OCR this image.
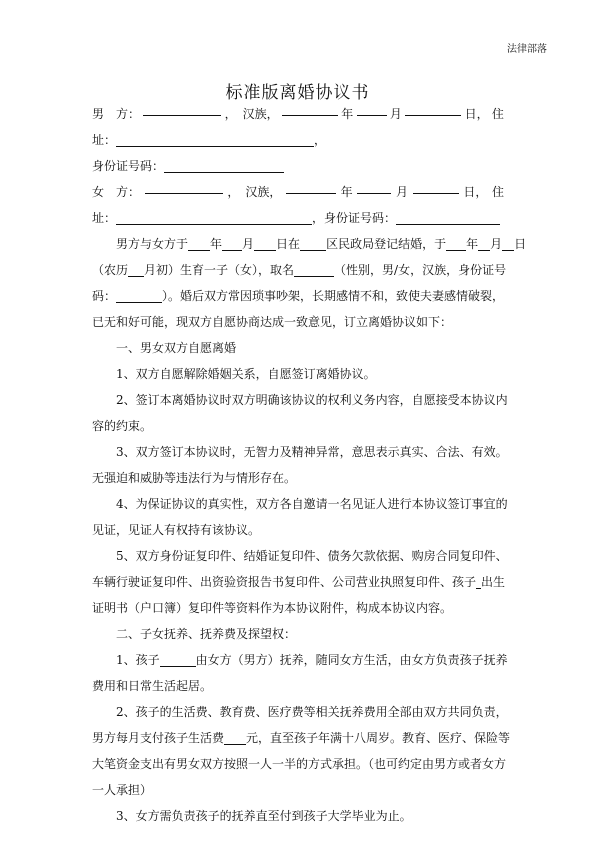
法律部落
标准版离婚协议书
男　方：	，　汉族，	年	月	日， 住
址：	，
身份证号码：
女　方：	，　汉族，	年	月	日， 住
址：	，身份证号码：
男方与女方于 年 月 日在 区民政局登记结婚，于 年 月 日
（农历 月初）生育一子（女），取名	（性别，男/女，汉族，身份证号
码：	）。婚后双方常因琐事吵架，长期感情不和，致使夫妻感情破裂，
已无和好可能，现双方自愿协商达成一致意见，订立离婚协议如下：
一、男女双方自愿离婚
1、双方自愿解除婚姻关系，自愿签订离婚协议。
2、签订本离婚协议时双方明确该协议的权利义务内容，自愿接受本协议内
容的约束。
3、双方签订本协议时，无智力及精神异常，意思表示真实、合法、有效。
无强迫和威胁等违法行为与情形存在。
4、为保证协议的真实性，双方各自邀请一名见证人进行本协议签订事宜的
见证，见证人有权持有该协议。
5、双方身份证复印件、结婚证复印件、债务欠款依据、购房合同复印件、
车辆行驶证复印件、出资验资报告书复印件、公司营业执照复印件、孩子 出生
证明书（户口簿）复印件等资料作为本协议附件，构成本协议内容。
二、子女抚养、抚养费及探望权：
1、孩子	由女方（男方）抚养，随同女方生活，由女方负责孩子抚养
费用和日常生活起居。
2、孩子的生活费、教育费、医疗费等相关抚养费用全部由双方共同负责，
男方每月支付孩子生活费 元，直至孩子年满十八周岁。教育、医疗、保险等
大笔资金支出有男女双方按照一人一半的方式承担。（也可约定由男方或者女方
一人承担）
3、女方需负责孩子的抚养直至付到孩子大学毕业为止。
